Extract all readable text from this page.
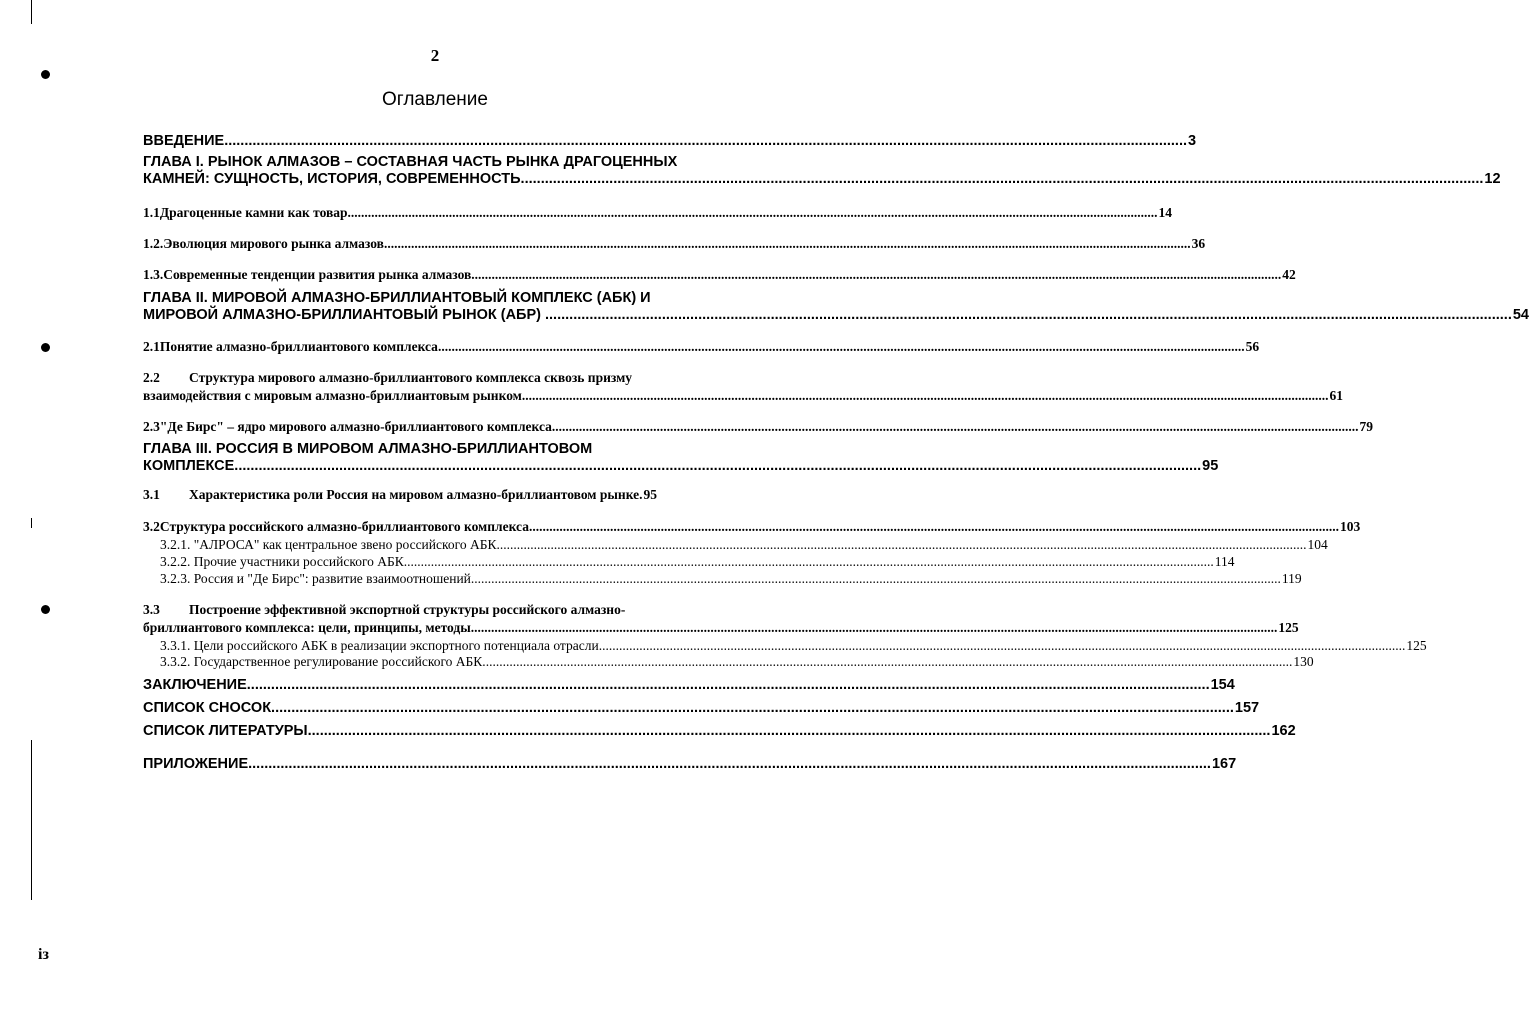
і​з
2
Оглавление
ВВЕДЕНИЕ .....	3
ГЛАВА І. РЫНОК АЛМАЗОВ – СОСТАВНАЯ ЧАСТЬ РЫНКА ДРАГОЦЕННЫХ
КАМНЕЙ: СУЩНОСТЬ, ИСТОРИЯ, СОВРЕМЕННОСТЬ .....	12
1.1 Драгоценные камни как товар. .....	14
1.2. Эволюция мирового рынка алмазов .....	36
1.3. Современные тенденции развития рынка алмазов. .....	42
ГЛАВА II. МИРОВОЙ АЛМАЗНО-БРИЛЛИАНТОВЫЙ КОМПЛЕКС (АБК) И
МИРОВОЙ АЛМАЗНО-БРИЛЛИАНТОВЫЙ РЫНОК (АБР) . .....	54
2.1 Понятие алмазно-бриллиантового комплекса .....	56
2.2 Структура мирового алмазно-бриллиантового комплекса сквозь призму
взаимодействия с мировым алмазно-бриллиантовым рынком .....	61
2.3 "Де Бирс" – ядро мирового алмазно-бриллиантового комплекса .....	79
ГЛАВА III. РОССИЯ В МИРОВОМ АЛМАЗНО-БРИЛЛИАНТОВОМ
КОМПЛЕКСЕ. .....	95
3.1	Характеристика роли Россия на мировом алмазно-бриллиантовом рынке. 95
3.2 Структура российского алмазно-бриллиантового комплекса. .....	103
3.2.1. "АЛРОСА" как центральное звено российского АБК. .....	104
3.2.2. Прочие участники российского АБК. .....	114
3.2.3. Россия и "Де Бирс": развитие взаимоотношений. .....	119
3.3 Построение эффективной экспортной структуры российского алмазно-
бриллиантового комплекса: цели, принципы, методы .....	125
3.3.1. Цели российского АБК в реализации экспортного потенциала отрасли .....	125
3.3.2. Государственное регулирование российского АБК. .....	130
ЗАКЛЮЧЕНИЕ .....	154
СПИСОК СНОСОК .....	157
СПИСОК ЛИТЕРАТУРЫ .....	162
ПРИЛОЖЕНИЕ .....	167
